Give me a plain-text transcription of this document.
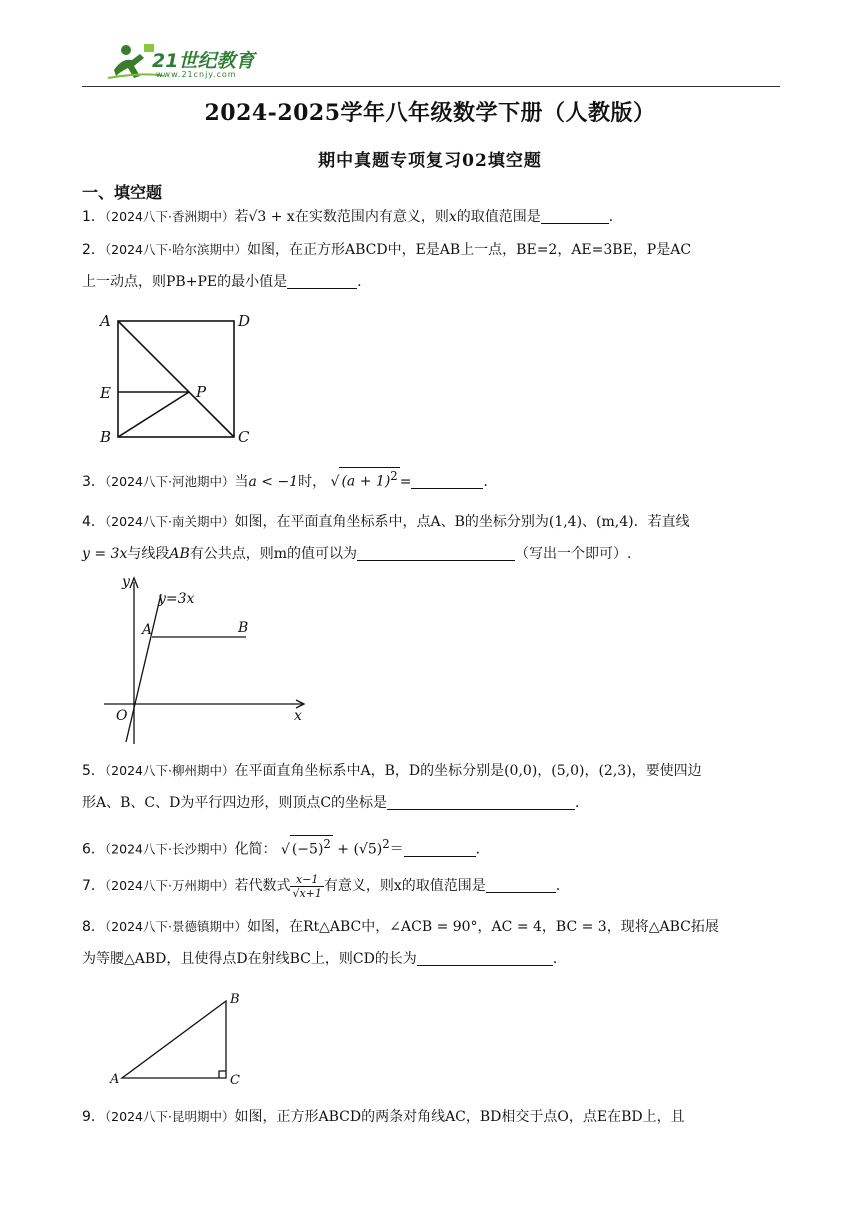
21世纪教育
www.21cnjy.com
2024-2025学年八年级数学下册（人教版）
期中真题专项复习02填空题
一、填空题
1．（2024八下·香洲期中）若√3 + x在实数范围内有意义，则x的取值范围是	．
2．（2024八下·哈尔滨期中）如图，在正方形ABCD中，E是AB上一点，BE=2，AE=3BE，P是AC
上一动点，则PB+PE的最小值是	．
A	D
E	P
B	C
3．（2024八下·河池期中）当a < −1时， √ $(a + 1)^2$ =	．
4．（2024八下·南关期中）如图，在平面直角坐标系中，点A、B的坐标分别为(1,4)、(m,4)．若直线
y = 3x与线段AB有公共点，则m的值可以为	（写出一个即可）.
y
x
O
A	B
y=3x
5．（2024八下·柳州期中）在平面直角坐标系中A，B，D的坐标分别是(0,0)，(5,0)，(2,3)，要使四边
形A、B、C、D为平行四边形，则顶点C的坐标是	．
6．（2024八下·长沙期中）化简： √ $(-5)^2 + (√5)^2=$	．
7．（2024八下·万州期中）若代数式 $\frac{x-1}{√x+1}$ 有意义，则x的取值范围是	．
8．（2024八下·景德镇期中）如图，在Rt△ABC中，∠ACB = 90°，AC = 4，BC = 3，现将△ABC拓展
为等腰△ABD，且使得点D在射线BC上，则CD的长为	．
A
B
C
9．（2024八下·昆明期中）如图，正方形ABCD的两条对角线AC，BD相交于点O，点E在BD上，且
